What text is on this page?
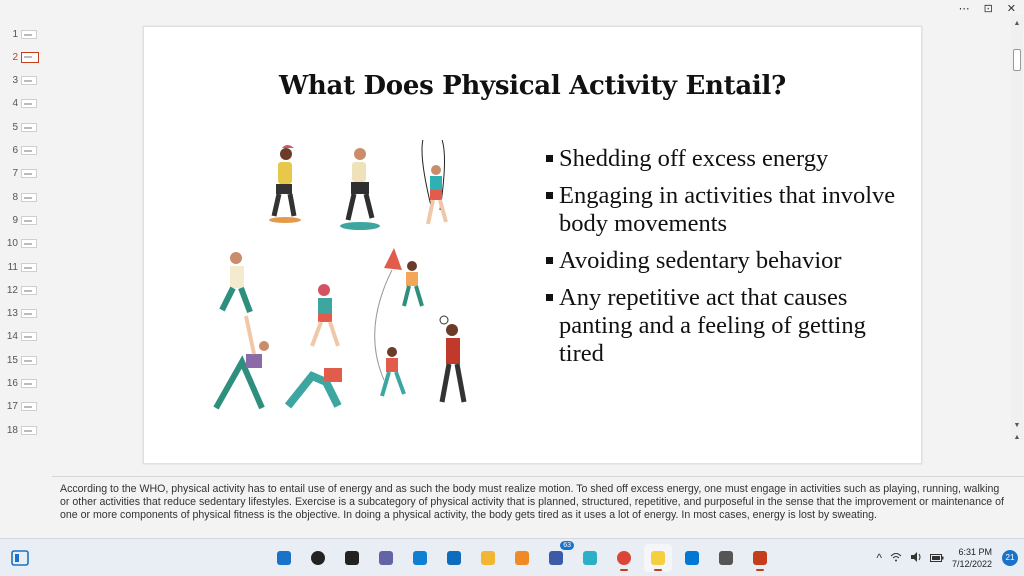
⋯ ⊡ ✕
1
2
3
4
5
6
7
8
9
10
11
12
13
14
15
16
17
18
What Does Physical Activity Entail?
Shedding off excess energy
Engaging in activities that involve body movements
Avoiding sedentary behavior
Any repetitive act that causes panting and a feeling of getting tired
▲
▼
▲

According to the WHO, physical activity has to entail use of energy and as such the body must realize motion. To shed off excess energy, one must engage in activities such as playing, running, walking or other activities that reduce sedentary lifestyles. Exercise is a subcategory of physical activity that is planned, structured, repetitive, and purposeful in the sense that the improvement or maintenance of one or more components of physical fitness is the objective. In doing a physical activity, the body gets tired as it uses a lot of energy. In most cases, energy is lost by sweating.

63
^	6:31 PM
7/12/2022
21
